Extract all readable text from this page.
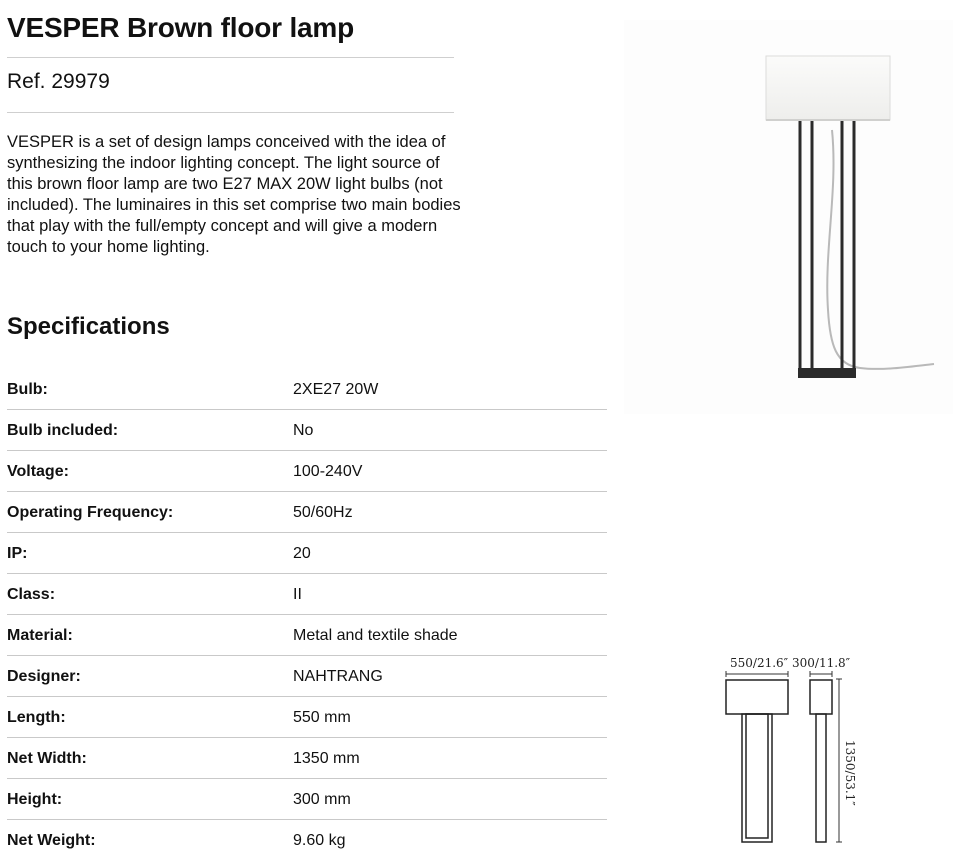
VESPER Brown floor lamp
Ref. 29979

VESPER is a set of design lamps conceived with the idea of synthesizing the indoor lighting concept. The light source of this brown floor lamp are two E27 MAX 20W light bulbs (not included). The luminaires in this set comprise two main bodies that play with the full/empty concept and will give a modern touch to your home lighting.

Specifications
Bulb:	2XE27 20W
Bulb included:	No
Voltage:	100-240V
Operating Frequency:	50/60Hz
IP:	20
Class:	II
Material:	Metal and textile shade
Designer:	NAHTRANG
Length:	550 mm
Net Width:	1350 mm
Height:	300 mm
Net Weight:	9.60 kg
550/21.6″ 300/11.8″
1350/53.1″
